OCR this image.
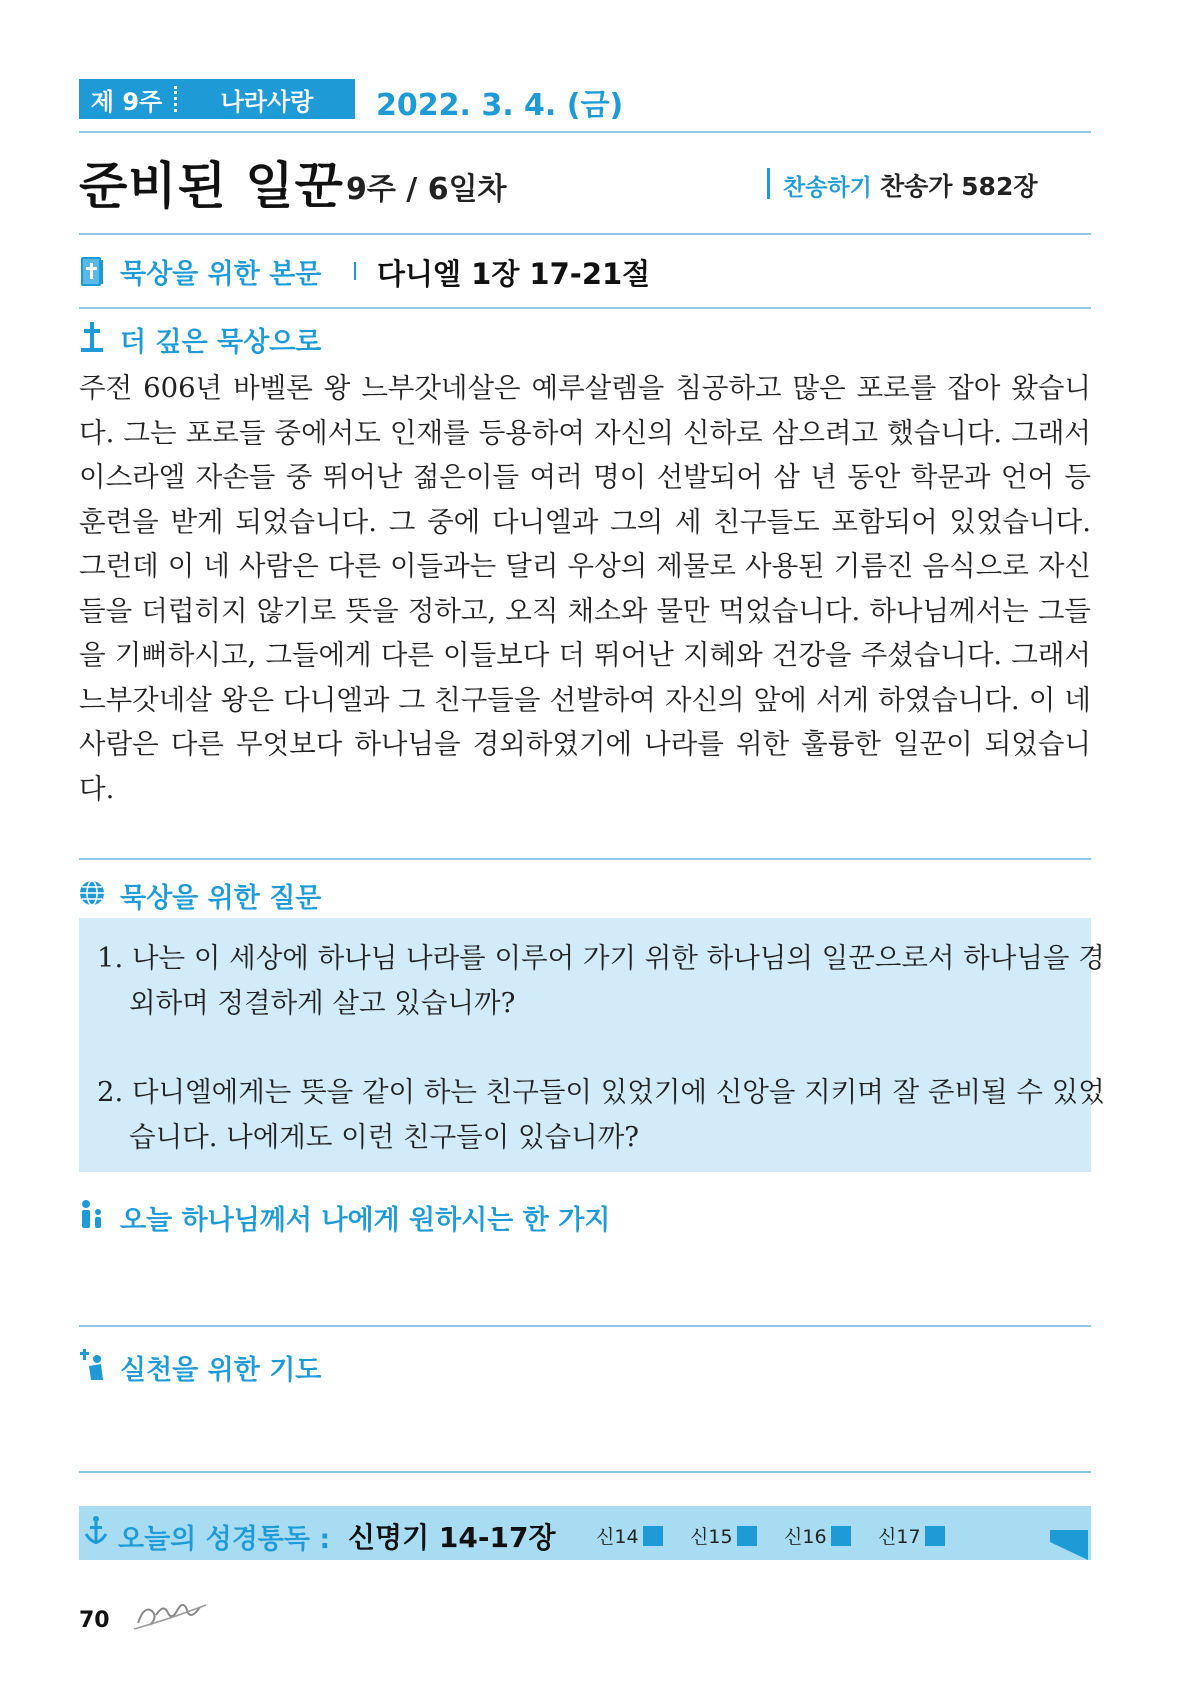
제 9주	나라사랑	2022. 3. 4. (금)
준비된 일꾼 9주 / 6일차	찬송하기 찬송가 582장
묵상을 위한 본문 다니엘 1장 17-21절
더 깊은 묵상으로
주전 606년 바벨론 왕 느부갓네살은 예루살렘을 침공하고 많은 포로를 잡아 왔습니다. 그는 포로들 중에서도 인재를 등용하여 자신의 신하로 삼으려고 했습니다. 그래서 이스라엘 자손들 중 뛰어난 젊은이들 여러 명이 선발되어 삼 년 동안 학문과 언어 등 훈련을 받게 되었습니다. 그 중에 다니엘과 그의 세 친구들도 포함되어 있었습니다. 그런데 이 네 사람은 다른 이들과는 달리 우상의 제물로 사용된 기름진 음식으로 자신들을 더럽히지 않기로 뜻을 정하고, 오직 채소와 물만 먹었습니다. 하나님께서는 그들을 기뻐하시고, 그들에게 다른 이들보다 더 뛰어난 지혜와 건강을 주셨습니다. 그래서 느부갓네살 왕은 다니엘과 그 친구들을 선발하여 자신의 앞에 서게 하였습니다. 이 네 사람은 다른 무엇보다 하나님을 경외하였기에 나라를 위한 훌륭한 일꾼이 되었습니다.
묵상을 위한 질문
1. 나는 이 세상에 하나님 나라를 이루어 가기 위한 하나님의 일꾼으로서 하나님을 경외하며 정결하게 살고 있습니까?
2. 다니엘에게는 뜻을 같이 하는 친구들이 있었기에 신앙을 지키며 잘 준비될 수 있었습니다. 나에게도 이런 친구들이 있습니까?
오늘 하나님께서 나에게 원하시는 한 가지
실천을 위한 기도
오늘의 성경통독 : 신명기 14-17장 신14	신15	신16	신17
70
